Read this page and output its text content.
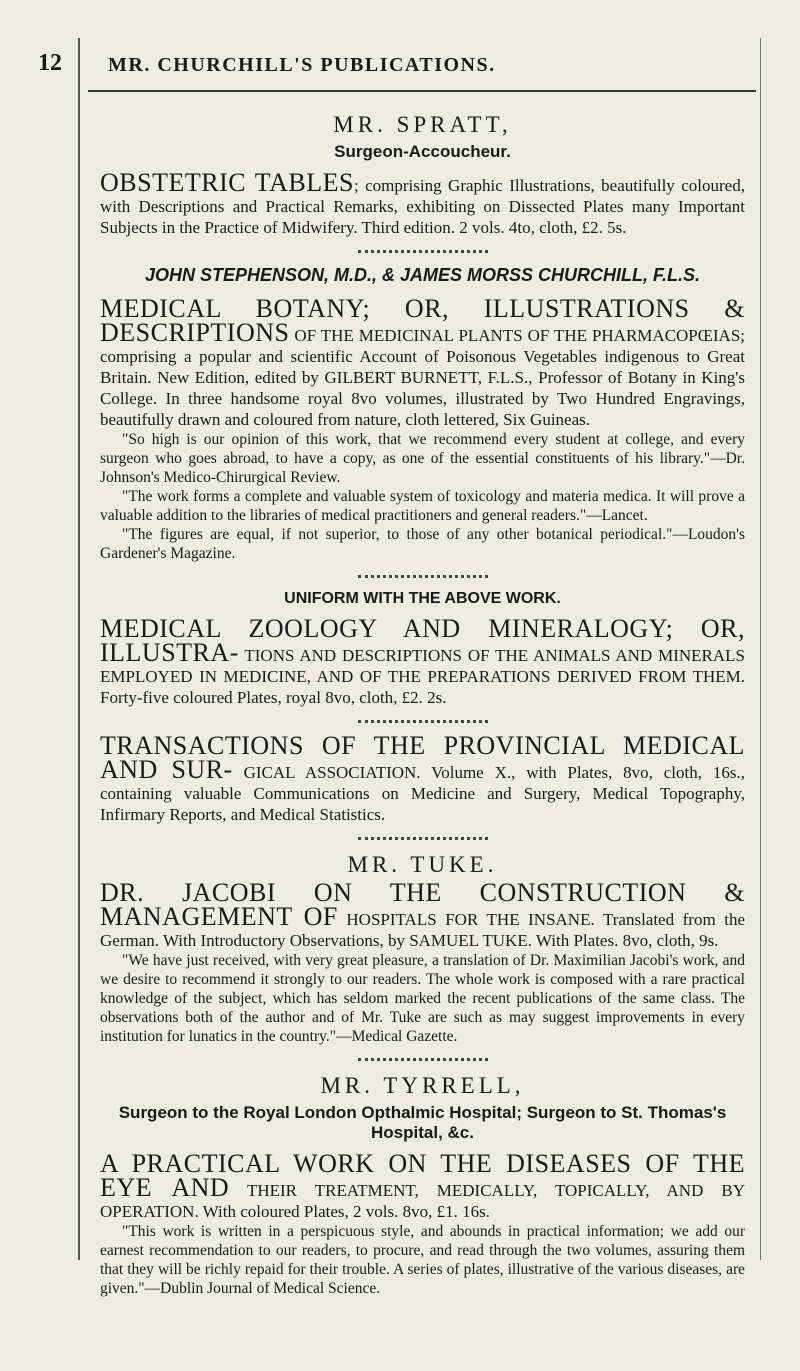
12 MR. CHURCHILL'S PUBLICATIONS.

MR. SPRATT,

Surgeon-Accoucheur.

OBSTETRIC TABLES; comprising Graphic Illustrations, beautifully coloured, with Descriptions and Practical Remarks, exhibiting on Dissected Plates many Important Subjects in the Practice of Midwifery. Third edition. 2 vols. 4to, cloth, £2. 5s.

JOHN STEPHENSON, M.D., & JAMES MORSS CHURCHILL, F.L.S.

MEDICAL BOTANY; OR, ILLUSTRATIONS & DESCRIPTIONS OF THE MEDICINAL PLANTS OF THE PHARMACOPŒIAS; comprising a popular and scientific Account of Poisonous Vegetables indigenous to Great Britain. New Edition, edited by GILBERT BURNETT, F.L.S., Professor of Botany in King's College. In three handsome royal 8vo volumes, illustrated by Two Hundred Engravings, beautifully drawn and coloured from nature, cloth lettered, Six Guineas.

"So high is our opinion of this work, that we recommend every student at college, and every surgeon who goes abroad, to have a copy, as one of the essential constituents of his library."—Dr. Johnson's Medico-Chirurgical Review.

"The work forms a complete and valuable system of toxicology and materia medica. It will prove a valuable addition to the libraries of medical practitioners and general readers."—Lancet.

"The figures are equal, if not superior, to those of any other botanical periodical."—Loudon's Gardener's Magazine.

UNIFORM WITH THE ABOVE WORK.

MEDICAL ZOOLOGY AND MINERALOGY; OR, ILLUSTRA- TIONS AND DESCRIPTIONS OF THE ANIMALS AND MINERALS EMPLOYED IN MEDICINE, AND OF THE PREPARATIONS DERIVED FROM THEM. Forty-five coloured Plates, royal 8vo, cloth, £2. 2s.

TRANSACTIONS OF THE PROVINCIAL MEDICAL AND SUR- GICAL ASSOCIATION. Volume X., with Plates, 8vo, cloth, 16s., containing valuable Communications on Medicine and Surgery, Medical Topography, Infirmary Reports, and Medical Statistics.

MR. TUKE.

DR. JACOBI ON THE CONSTRUCTION & MANAGEMENT OF HOSPITALS FOR THE INSANE. Translated from the German. With Introductory Observations, by SAMUEL TUKE. With Plates. 8vo, cloth, 9s.

"We have just received, with very great pleasure, a translation of Dr. Maximilian Jacobi's work, and we desire to recommend it strongly to our readers. The whole work is composed with a rare practical knowledge of the subject, which has seldom marked the recent publications of the same class. The observations both of the author and of Mr. Tuke are such as may suggest improvements in every institution for lunatics in the country."—Medical Gazette.

MR. TYRRELL,

Surgeon to the Royal London Opthalmic Hospital; Surgeon to St. Thomas's Hospital, &c.

A PRACTICAL WORK ON THE DISEASES OF THE EYE AND THEIR TREATMENT, MEDICALLY, TOPICALLY, AND BY OPERATION. With coloured Plates, 2 vols. 8vo, £1. 16s.

"This work is written in a perspicuous style, and abounds in practical information; we add our earnest recommendation to our readers, to procure, and read through the two volumes, assuring them that they will be richly repaid for their trouble. A series of plates, illustrative of the various diseases, are given."—Dublin Journal of Medical Science.
